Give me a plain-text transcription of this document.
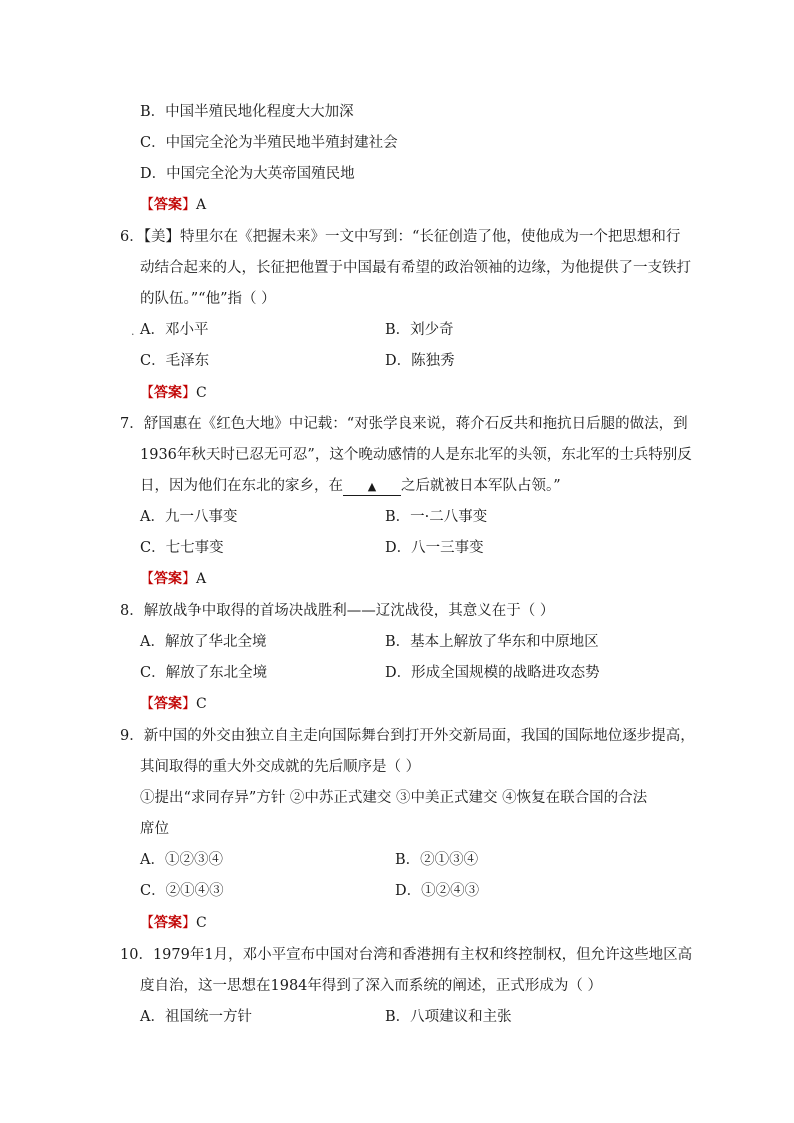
B．中国半殖民地化程度大大加深
C．中国完全沦为半殖民地半殖封建社会
D．中国完全沦为大英帝国殖民地
【答案】A
6．【美】特里尔在《把握未来》一文中写到：“长征创造了他，使他成为一个把思想和行
动结合起来的人，长征把他置于中国最有希望的政治领袖的边缘，为他提供了一支铁打
的队伍。”“他”指（ ）
. A．邓小平	B．刘少奇
C．毛泽东	D．陈独秀
【答案】C
7．舒国惠在《红色大地》中记载：“对张学良来说，蒋介石反共和拖抗日后腿的做法，到
1936年秋天时已忍无可忍”，这个晚动感情的人是东北军的头领，东北军的士兵特别反
日，因为他们在东北的家乡，在 ▲ 之后就被日本军队占领。”
A．九一八事变	B．一·二八事变
C．七七事变	D．八一三事变
【答案】A
8．解放战争中取得的首场决战胜利——辽沈战役，其意义在于（ ）
A．解放了华北全境	B．基本上解放了华东和中原地区
C．解放了东北全境	D．形成全国规模的战略进攻态势
【答案】C
9．新中国的外交由独立自主走向国际舞台到打开外交新局面，我国的国际地位逐步提高，
其间取得的重大外交成就的先后顺序是（ ）
①提出“求同存异”方针 ②中苏正式建交 ③中美正式建交 ④恢复在联合国的合法
席位
A．①②③④	B．②①③④
C．②①④③	D．①②④③
【答案】C
10．1979年1月，邓小平宣布中国对台湾和香港拥有主权和终控制权，但允许这些地区高
度自治，这一思想在1984年得到了深入而系统的阐述，正式形成为（ ）
A．祖国统一方针	B．八项建议和主张
